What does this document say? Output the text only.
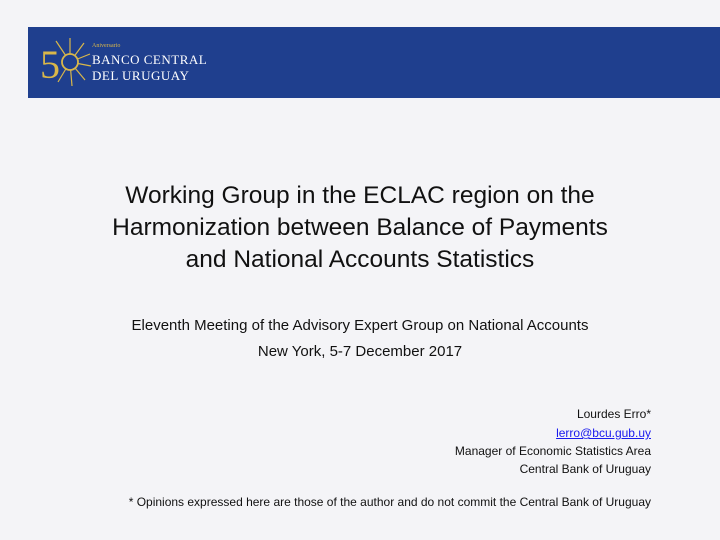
5	Aniversario
BANCO CENTRAL
DEL URUGUAY
Working Group in the ECLAC region on the
Harmonization between Balance of Payments
and National Accounts Statistics
Eleventh Meeting of the Advisory Expert Group on National Accounts
New York, 5-7 December 2017
Lourdes Erro*
lerro@bcu.gub.uy
Manager of Economic Statistics Area
Central Bank of Uruguay
* Opinions expressed here are those of the author and do not commit the Central Bank of Uruguay
